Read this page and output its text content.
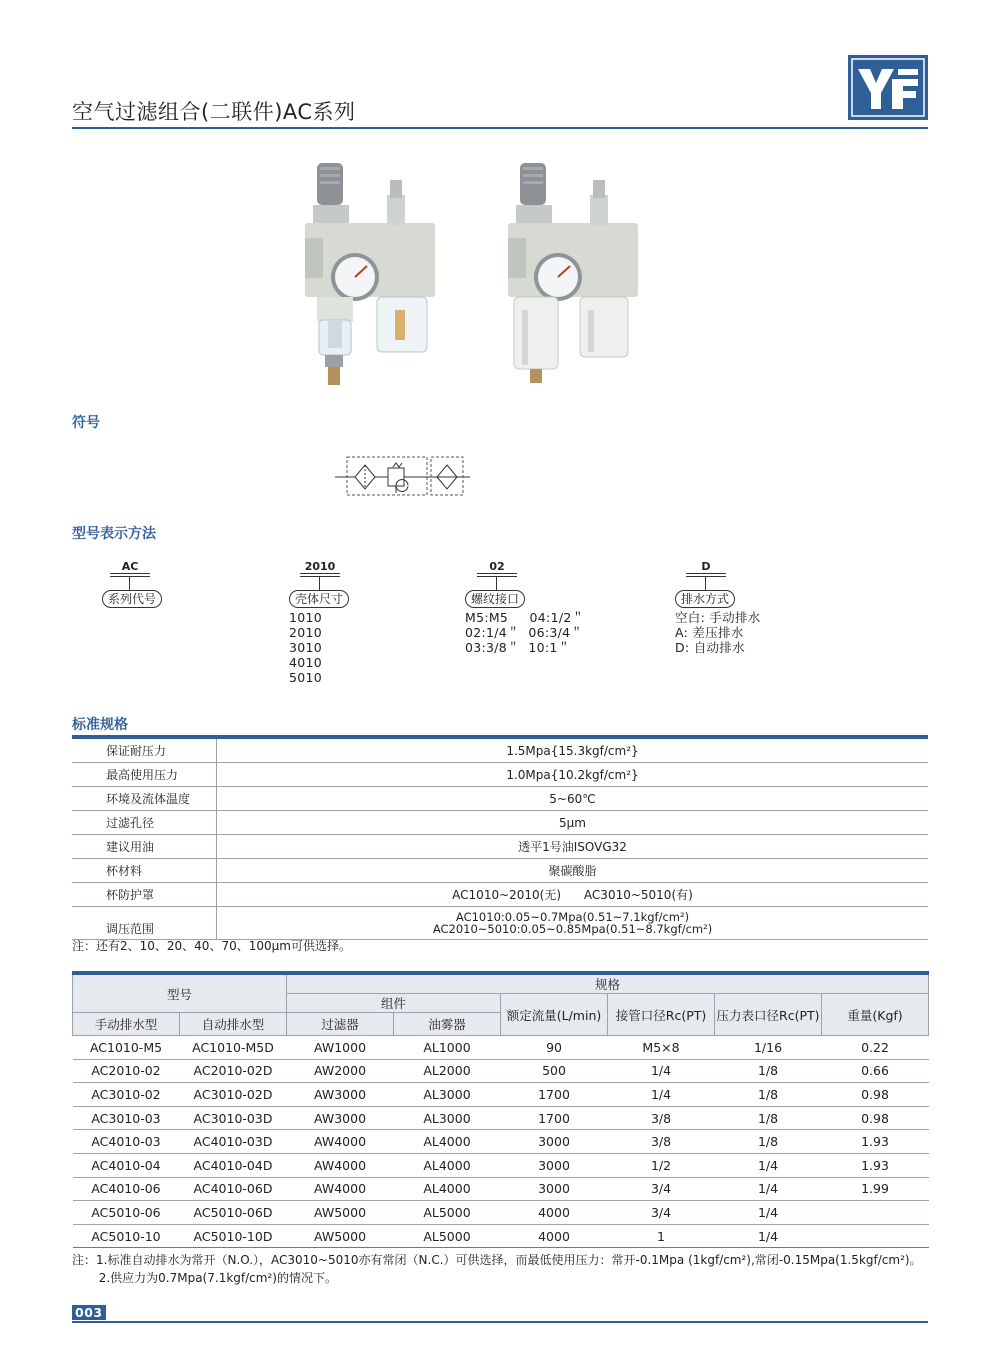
空气过滤组合(二联件)AC系列
符号
型号表示方法
AC
系列代号
2010
壳体尺寸
1010
2010
3010
4010
5010
02
螺纹接口
M5:M5     04:1/2＂
02:1/4＂  06:3/4＂
03:3/8＂  10:1＂
D
排水方式
空白: 手动排水
A: 差压排水
D: 自动排水
标准规格
保证耐压力	1.5Mpa{15.3kgf/cm²}
最高使用压力	1.0Mpa{10.2kgf/cm²}
环境及流体温度	5~60℃
过滤孔径	5μm
建议用油	透平1号油ISOVG32
杯材料	聚碳酸脂
杯防护罩	AC1010~2010(无)      AC3010~5010(有)
调压范围	AC1010:0.05~0.7Mpa(0.51~7.1kgf/cm²)
AC2010~5010:0.05~0.85Mpa(0.51~8.7kgf/cm²)
注：还有2、10、20、40、70、100μm可供选择。
型号		规格					
		组件		额定流量(L/min)	接管口径Rc(PT)	压力表口径Rc(PT)	重量(Kgf)
手动排水型	自动排水型	过滤器	油雾器				
AC1010-M5	AC1010-M5D	AW1000	AL1000	90	M5×8	1/16	0.22
AC2010-02	AC2010-02D	AW2000	AL2000	500	1/4	1/8	0.66
AC3010-02	AC3010-02D	AW3000	AL3000	1700	1/4	1/8	0.98
AC3010-03	AC3010-03D	AW3000	AL3000	1700	3/8	1/8	0.98
AC4010-03	AC4010-03D	AW4000	AL4000	3000	3/8	1/8	1.93
AC4010-04	AC4010-04D	AW4000	AL4000	3000	1/2	1/4	1.93
AC4010-06	AC4010-06D	AW4000	AL4000	3000	3/4	1/4	1.99
AC5010-06	AC5010-06D	AW5000	AL5000	4000	3/4	1/4	
AC5010-10	AC5010-10D	AW5000	AL5000	4000	1	1/4	
注：1.标准自动排水为常开（N.O.），AC3010~5010亦有常闭（N.C.）可供选择，而最低使用压力：常开-0.1Mpa (1kgf/cm²),常闭-0.15Mpa(1.5kgf/cm²)。
2.供应力为0.7Mpa(7.1kgf/cm²)的情况下。
003
